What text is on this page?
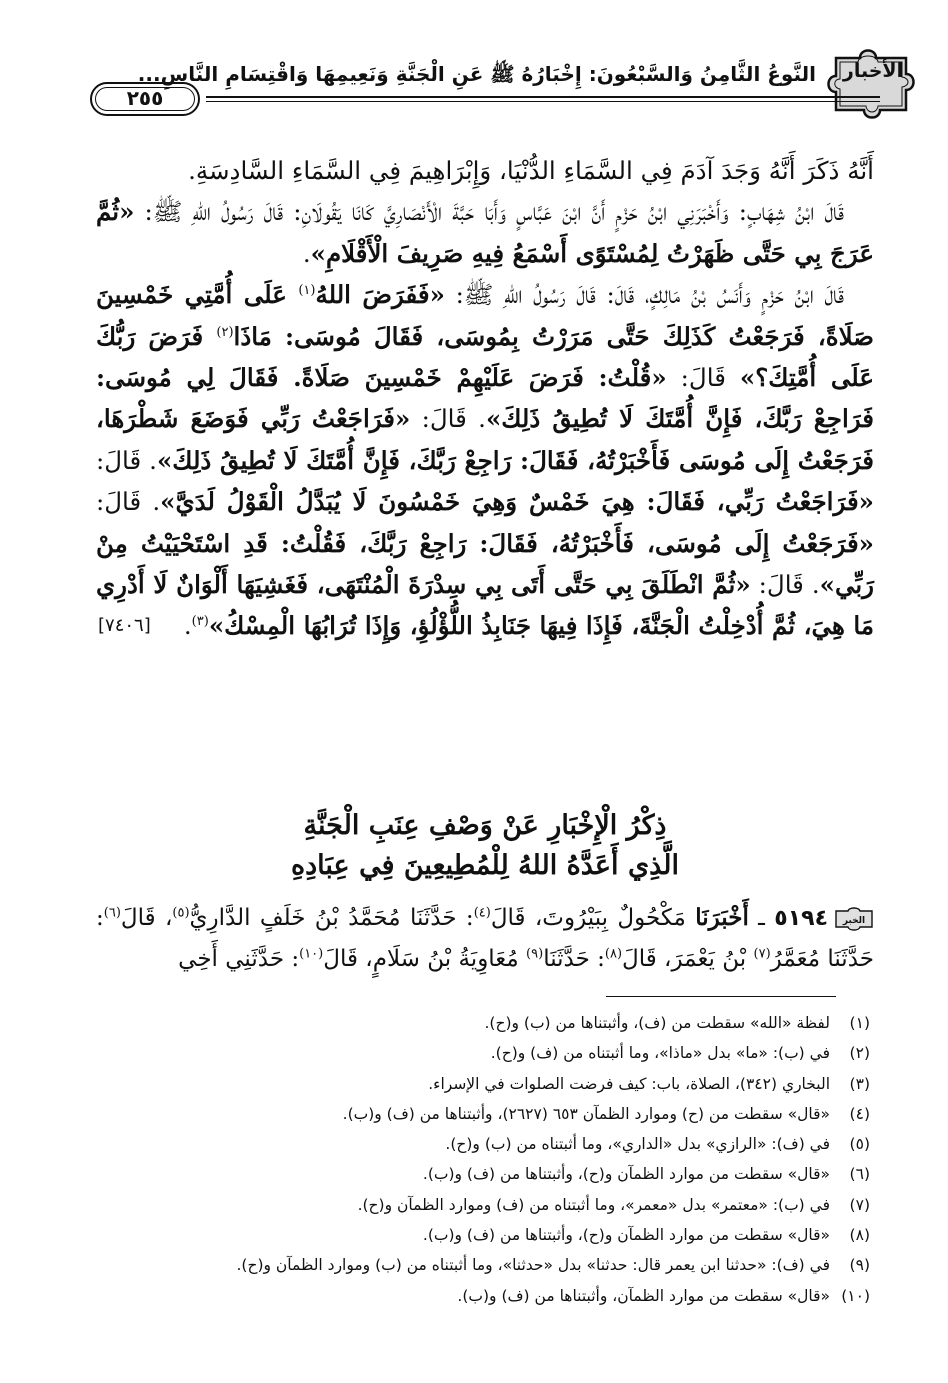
الأخبار
النَّوعُ الثَّامِنُ وَالسَّبْعُونَ: إِخْبَارُهُ ﷺ عَنِ الْجَنَّةِ وَنَعِيمِهَا وَاقْتِسَامِ النَّاسِ...
٢٥٥

أَنَّهُ ذَكَرَ أَنَّهُ وَجَدَ آدَمَ فِي السَّمَاءِ الدُّنْيَا، وَإِبْرَاهِيمَ فِي السَّمَاءِ السَّادِسَةِ.

قَالَ ابْنُ شِهَابٍ: وَأَخْبَرَنِي ابْنُ حَزْمٍ أَنَّ ابْنَ عَبَّاسٍ وَأَبَا حَبَّةَ الْأَنْصَارِيَّ كَانَا يَقُولَانِ: قَالَ رَسُولُ اللهِ ﷺ: «ثُمَّ عَرَجَ بِي حَتَّى ظَهَرْتُ لِمُسْتَوًى أَسْمَعُ فِيهِ صَرِيفَ الْأَقْلَامِ».

قَالَ ابْنُ حَزْمٍ وَأَنَسُ بْنُ مَالِكٍ، قَالَ: قَالَ رَسُولُ اللهِ ﷺ: «فَفَرَضَ اللهُ$^{(١)}$ عَلَى أُمَّتِي خَمْسِينَ صَلَاةً، فَرَجَعْتُ كَذَلِكَ حَتَّى مَرَرْتُ بِمُوسَى، فَقَالَ مُوسَى: مَاذَا$^{(٢)}$ فَرَضَ رَبُّكَ عَلَى أُمَّتِكَ؟» قَالَ: «قُلْتُ: فَرَضَ عَلَيْهِمْ خَمْسِينَ صَلَاةً. فَقَالَ لِي مُوسَى: فَرَاجِعْ رَبَّكَ، فَإِنَّ أُمَّتَكَ لَا تُطِيقُ ذَلِكَ». قَالَ: «فَرَاجَعْتُ رَبِّي فَوَضَعَ شَطْرَهَا، فَرَجَعْتُ إِلَى مُوسَى فَأَخْبَرْتُهُ، فَقَالَ: رَاجِعْ رَبَّكَ، فَإِنَّ أُمَّتَكَ لَا تُطِيقُ ذَلِكَ». قَالَ: «فَرَاجَعْتُ رَبِّي، فَقَالَ: هِيَ خَمْسٌ وَهِيَ خَمْسُونَ لَا يُبَدَّلُ الْقَوْلُ لَدَيَّ». قَالَ: «فَرَجَعْتُ إِلَى مُوسَى، فَأَخْبَرْتُهُ، فَقَالَ: رَاجِعْ رَبَّكَ، فَقُلْتُ: قَدِ اسْتَحْيَيْتُ مِنْ رَبِّي». قَالَ: «ثُمَّ انْطَلَقَ بِي حَتَّى أَتَى بِي سِدْرَةَ الْمُنْتَهَى، فَغَشِيَهَا أَلْوَانٌ لَا أَدْرِي مَا هِيَ، ثُمَّ أُدْخِلْتُ الْجَنَّةَ، فَإِذَا فِيهَا جَنَابِذُ اللُّؤْلُؤِ، وَإِذَا تُرَابُهَا الْمِسْكُ»$^{(٣)}$.
[٧٤٠٦]

ذِكْرُ الْإِخْبَارِ عَنْ وَصْفِ عِنَبِ الْجَنَّةِ
الَّذِي أَعَدَّهُ اللهُ لِلْمُطِيعِينَ فِي عِبَادِهِ
الخبر
٥١٩٤ ـ أَخْبَرَنَا مَكْحُولٌ بِبَيْرُوتَ، قَالَ$^{(٤)}$: حَدَّثَنَا مُحَمَّدُ بْنُ خَلَفٍ الدَّارِيُّ$^{(٥)}$، قَالَ$^{(٦)}$: حَدَّثَنَا مُعَمَّرُ$^{(٧)}$ بْنُ يَعْمَرَ، قَالَ$^{(٨)}$: حَدَّثَنَا$^{(٩)}$ مُعَاوِيَةُ بْنُ سَلَامٍ، قَالَ$^{(١٠)}$: حَدَّثَنِي أَخِي
(١)لفظة «الله» سقطت من (ف)، وأثبتناها من (ب) و(ح).
(٢)في (ب): «ما» بدل «ماذا»، وما أثبتناه من (ف) و(ح).
(٣)البخاري (٣٤٢)، الصلاة، باب: كيف فرضت الصلوات في الإسراء.
(٤)«قال» سقطت من (ح) وموارد الظمآن ٦٥٣ (٢٦٢٧)، وأثبتناها من (ف) و(ب).
(٥)في (ف): «الرازي» بدل «الداري»، وما أثبتناه من (ب) و(ح).
(٦)«قال» سقطت من موارد الظمآن و(ح)، وأثبتناها من (ف) و(ب).
(٧)في (ب): «معتمر» بدل «معمر»، وما أثبتناه من (ف) وموارد الظمآن و(ح).
(٨)«قال» سقطت من موارد الظمآن و(ح)، وأثبتناها من (ف) و(ب).
(٩)في (ف): «حدثنا ابن يعمر قال: حدثنا» بدل «حدثنا»، وما أثبتناه من (ب) وموارد الظمآن و(ح).
(١٠)«قال» سقطت من موارد الظمآن، وأثبتناها من (ف) و(ب).
